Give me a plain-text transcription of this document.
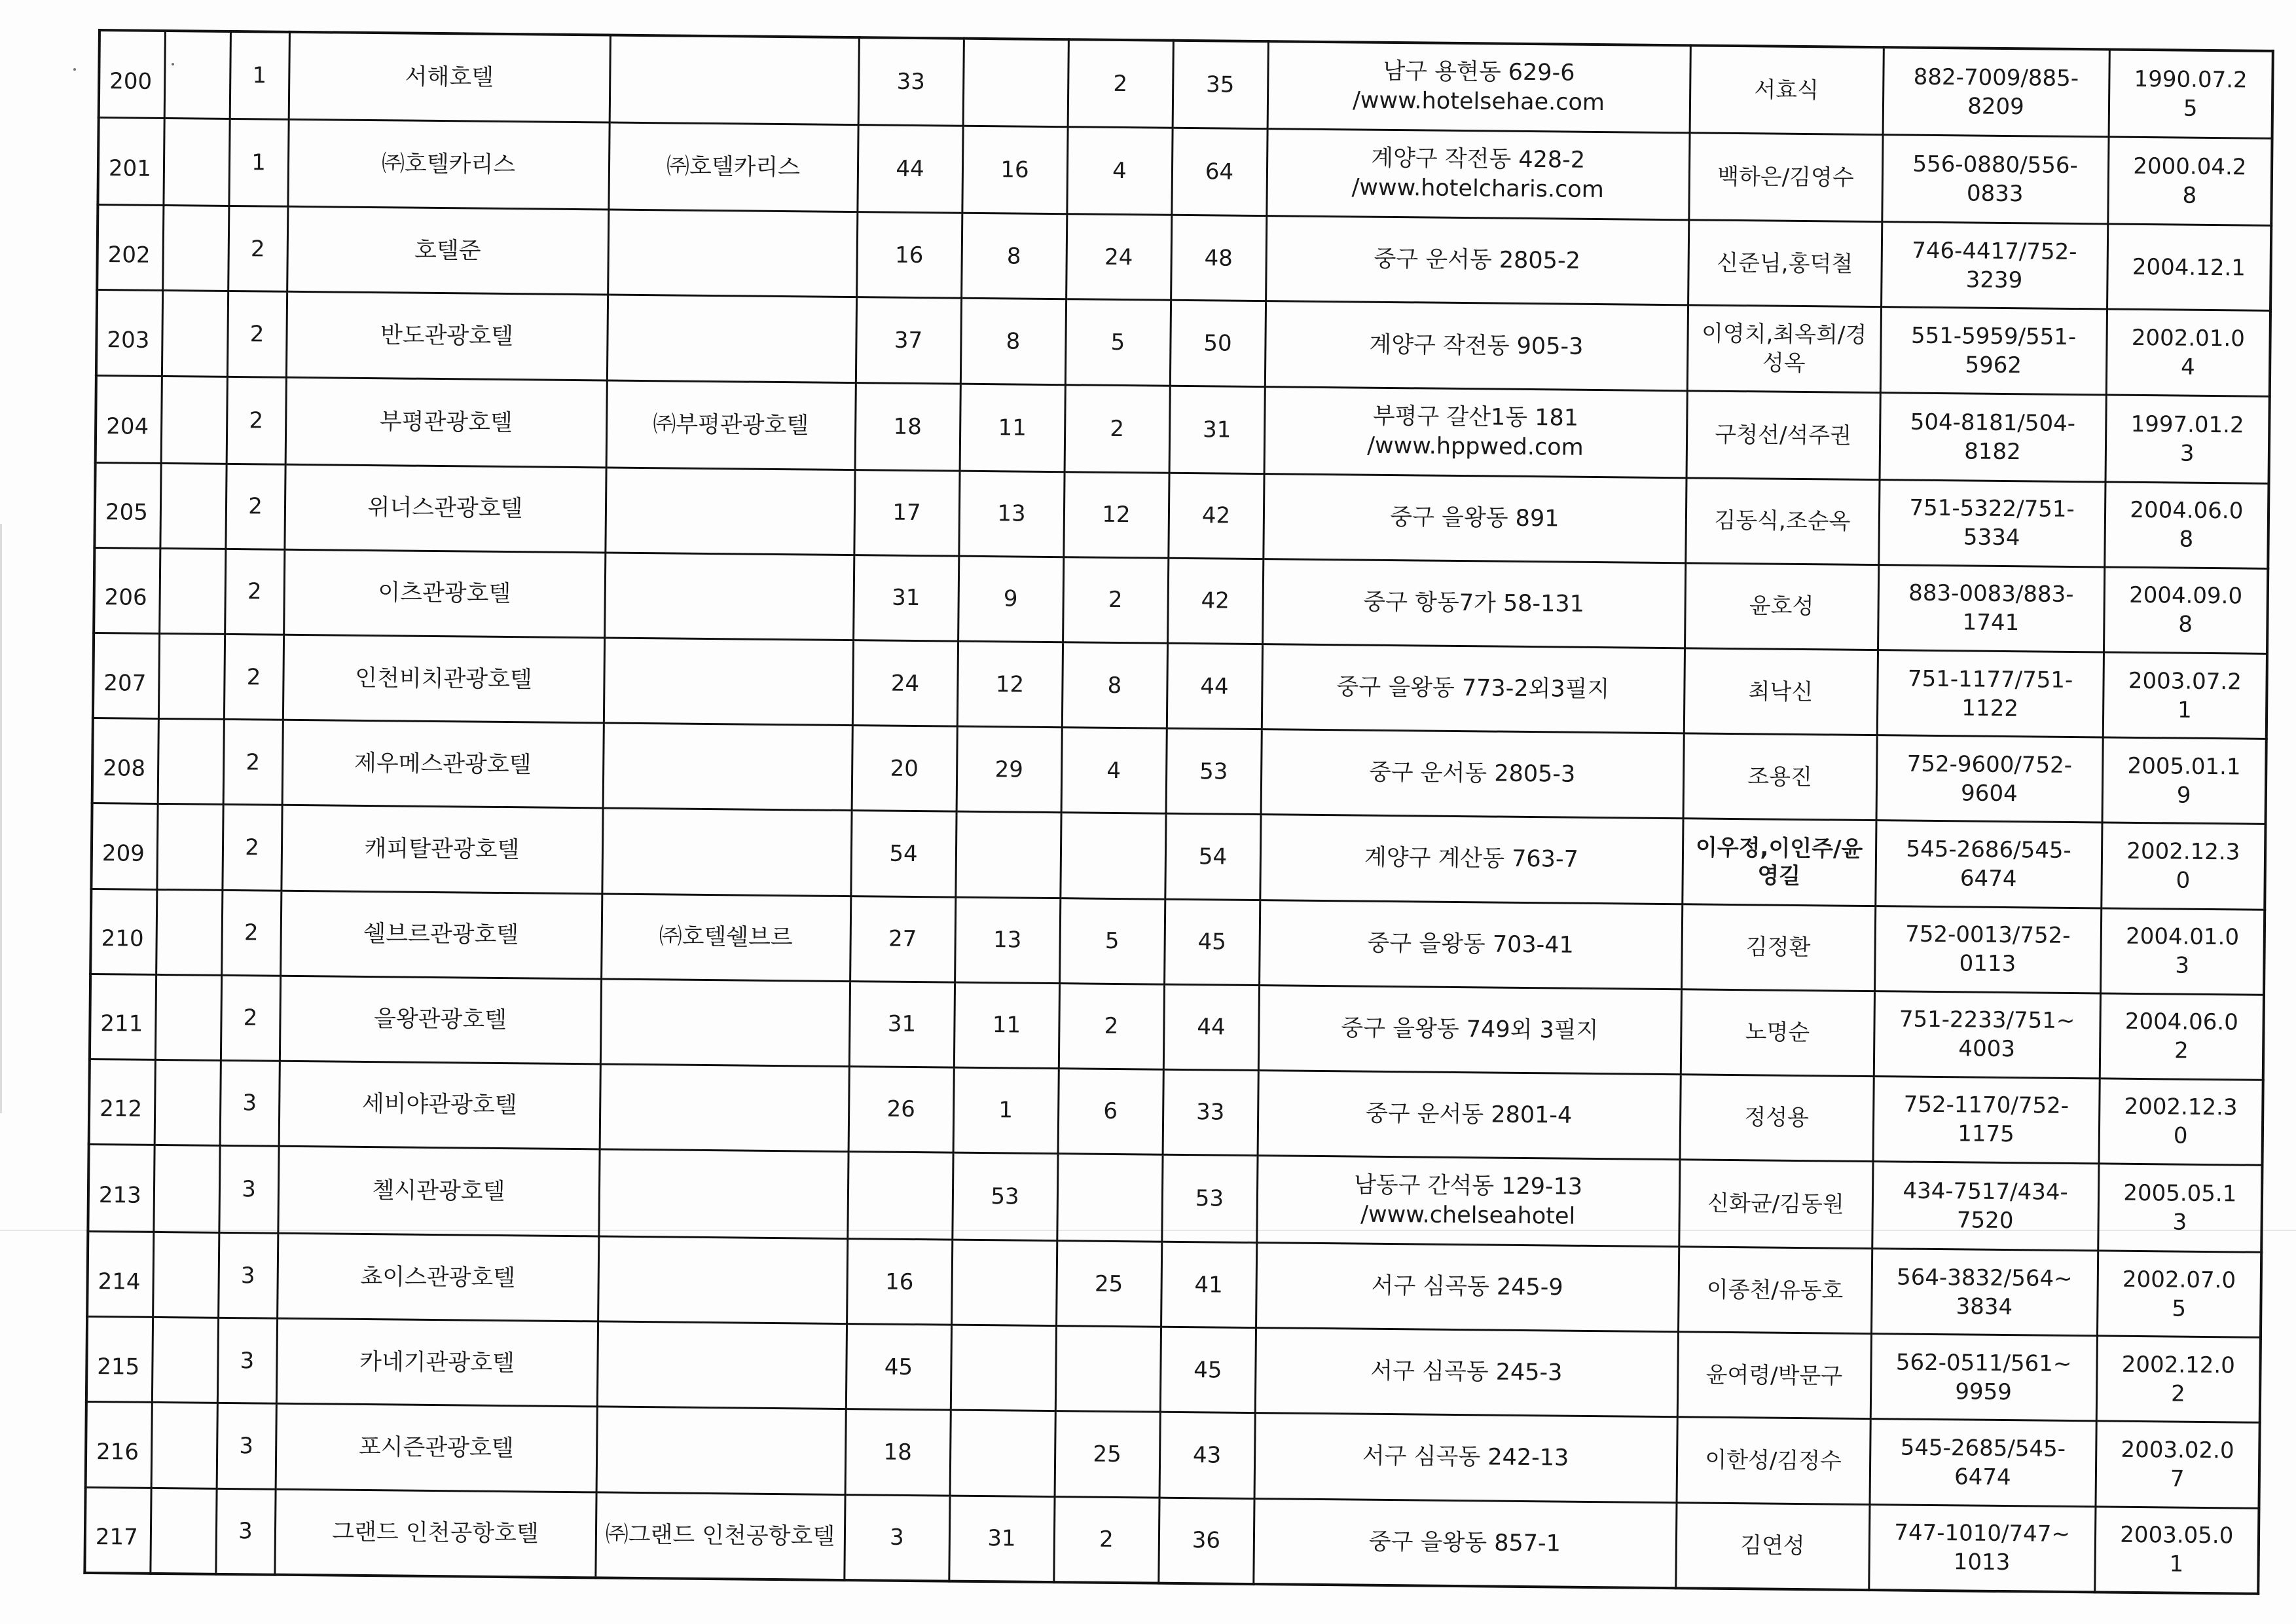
200		1	서해호텔		33		2	35	남구 용현동 629-6
/www.hotelsehae.com	서효식	882-7009/885-
8209	1990.07.2
5

201		1	㈜호텔카리스	㈜호텔카리스	44	16	4	64	계양구 작전동 428-2
/www.hotelcharis.com	백하은/김영수	556-0880/556-
0833	2000.04.2
8

202		2	호텔준		16	8	24	48	중구 운서동 2805-2	신준님,홍덕철	746-4417/752-
3239	2004.12.1

203		2	반도관광호텔		37	8	5	50	계양구 작전동 905-3	이영치,최옥희/경성옥	551-5959/551-
5962	2002.01.0
4

204		2	부평관광호텔	㈜부평관광호텔	18	11	2	31	부평구 갈산1동 181
/www.hppwed.com	구청선/석주권	504-8181/504-
8182	1997.01.2
3

205		2	위너스관광호텔		17	13	12	42	중구 을왕동 891	김동식,조순옥	751-5322/751-
5334	2004.06.0
8

206		2	이츠관광호텔		31	9	2	42	중구 항동7가 58-131	윤호성	883-0083/883-
1741	2004.09.0
8

207		2	인천비치관광호텔		24	12	8	44	중구 을왕동 773-2외3필지	최낙신	751-1177/751-
1122	2003.07.2
1

208		2	제우메스관광호텔		20	29	4	53	중구 운서동 2805-3	조용진	752-9600/752-
9604	2005.01.1
9

209		2	캐피탈관광호텔		54			54	계양구 계산동 763-7	이우정,이인주/윤영길	545-2686/545-
6474	2002.12.3
0

210		2	쉘브르관광호텔	㈜호텔쉘브르	27	13	5	45	중구 을왕동 703-41	김정환	752-0013/752-
0113	2004.01.0
3

211		2	을왕관광호텔		31	11	2	44	중구 을왕동 749외 3필지	노명순	751-2233/751~
4003	2004.06.0
2

212		3	세비야관광호텔		26	1	6	33	중구 운서동 2801-4	정성용	752-1170/752-
1175	2002.12.3
0

213		3	첼시관광호텔			53		53	남동구 간석동 129-13
/www.chelseahotel	신화균/김동원	434-7517/434-
7520	2005.05.1
3

214		3	쵸이스관광호텔		16		25	41	서구 심곡동 245-9	이종천/유동호	564-3832/564~
3834	2002.07.0
5

215		3	카네기관광호텔		45			45	서구 심곡동 245-3	윤여령/박문구	562-0511/561~
9959	2002.12.0
2

216		3	포시즌관광호텔		18		25	43	서구 심곡동 242-13	이한성/김정수	545-2685/545-
6474	2003.02.0
7

217		3	그랜드 인천공항호텔	㈜그랜드 인천공항호텔	3	31	2	36	중구 을왕동 857-1	김연성	747-1010/747~
1013	2003.05.0
1
